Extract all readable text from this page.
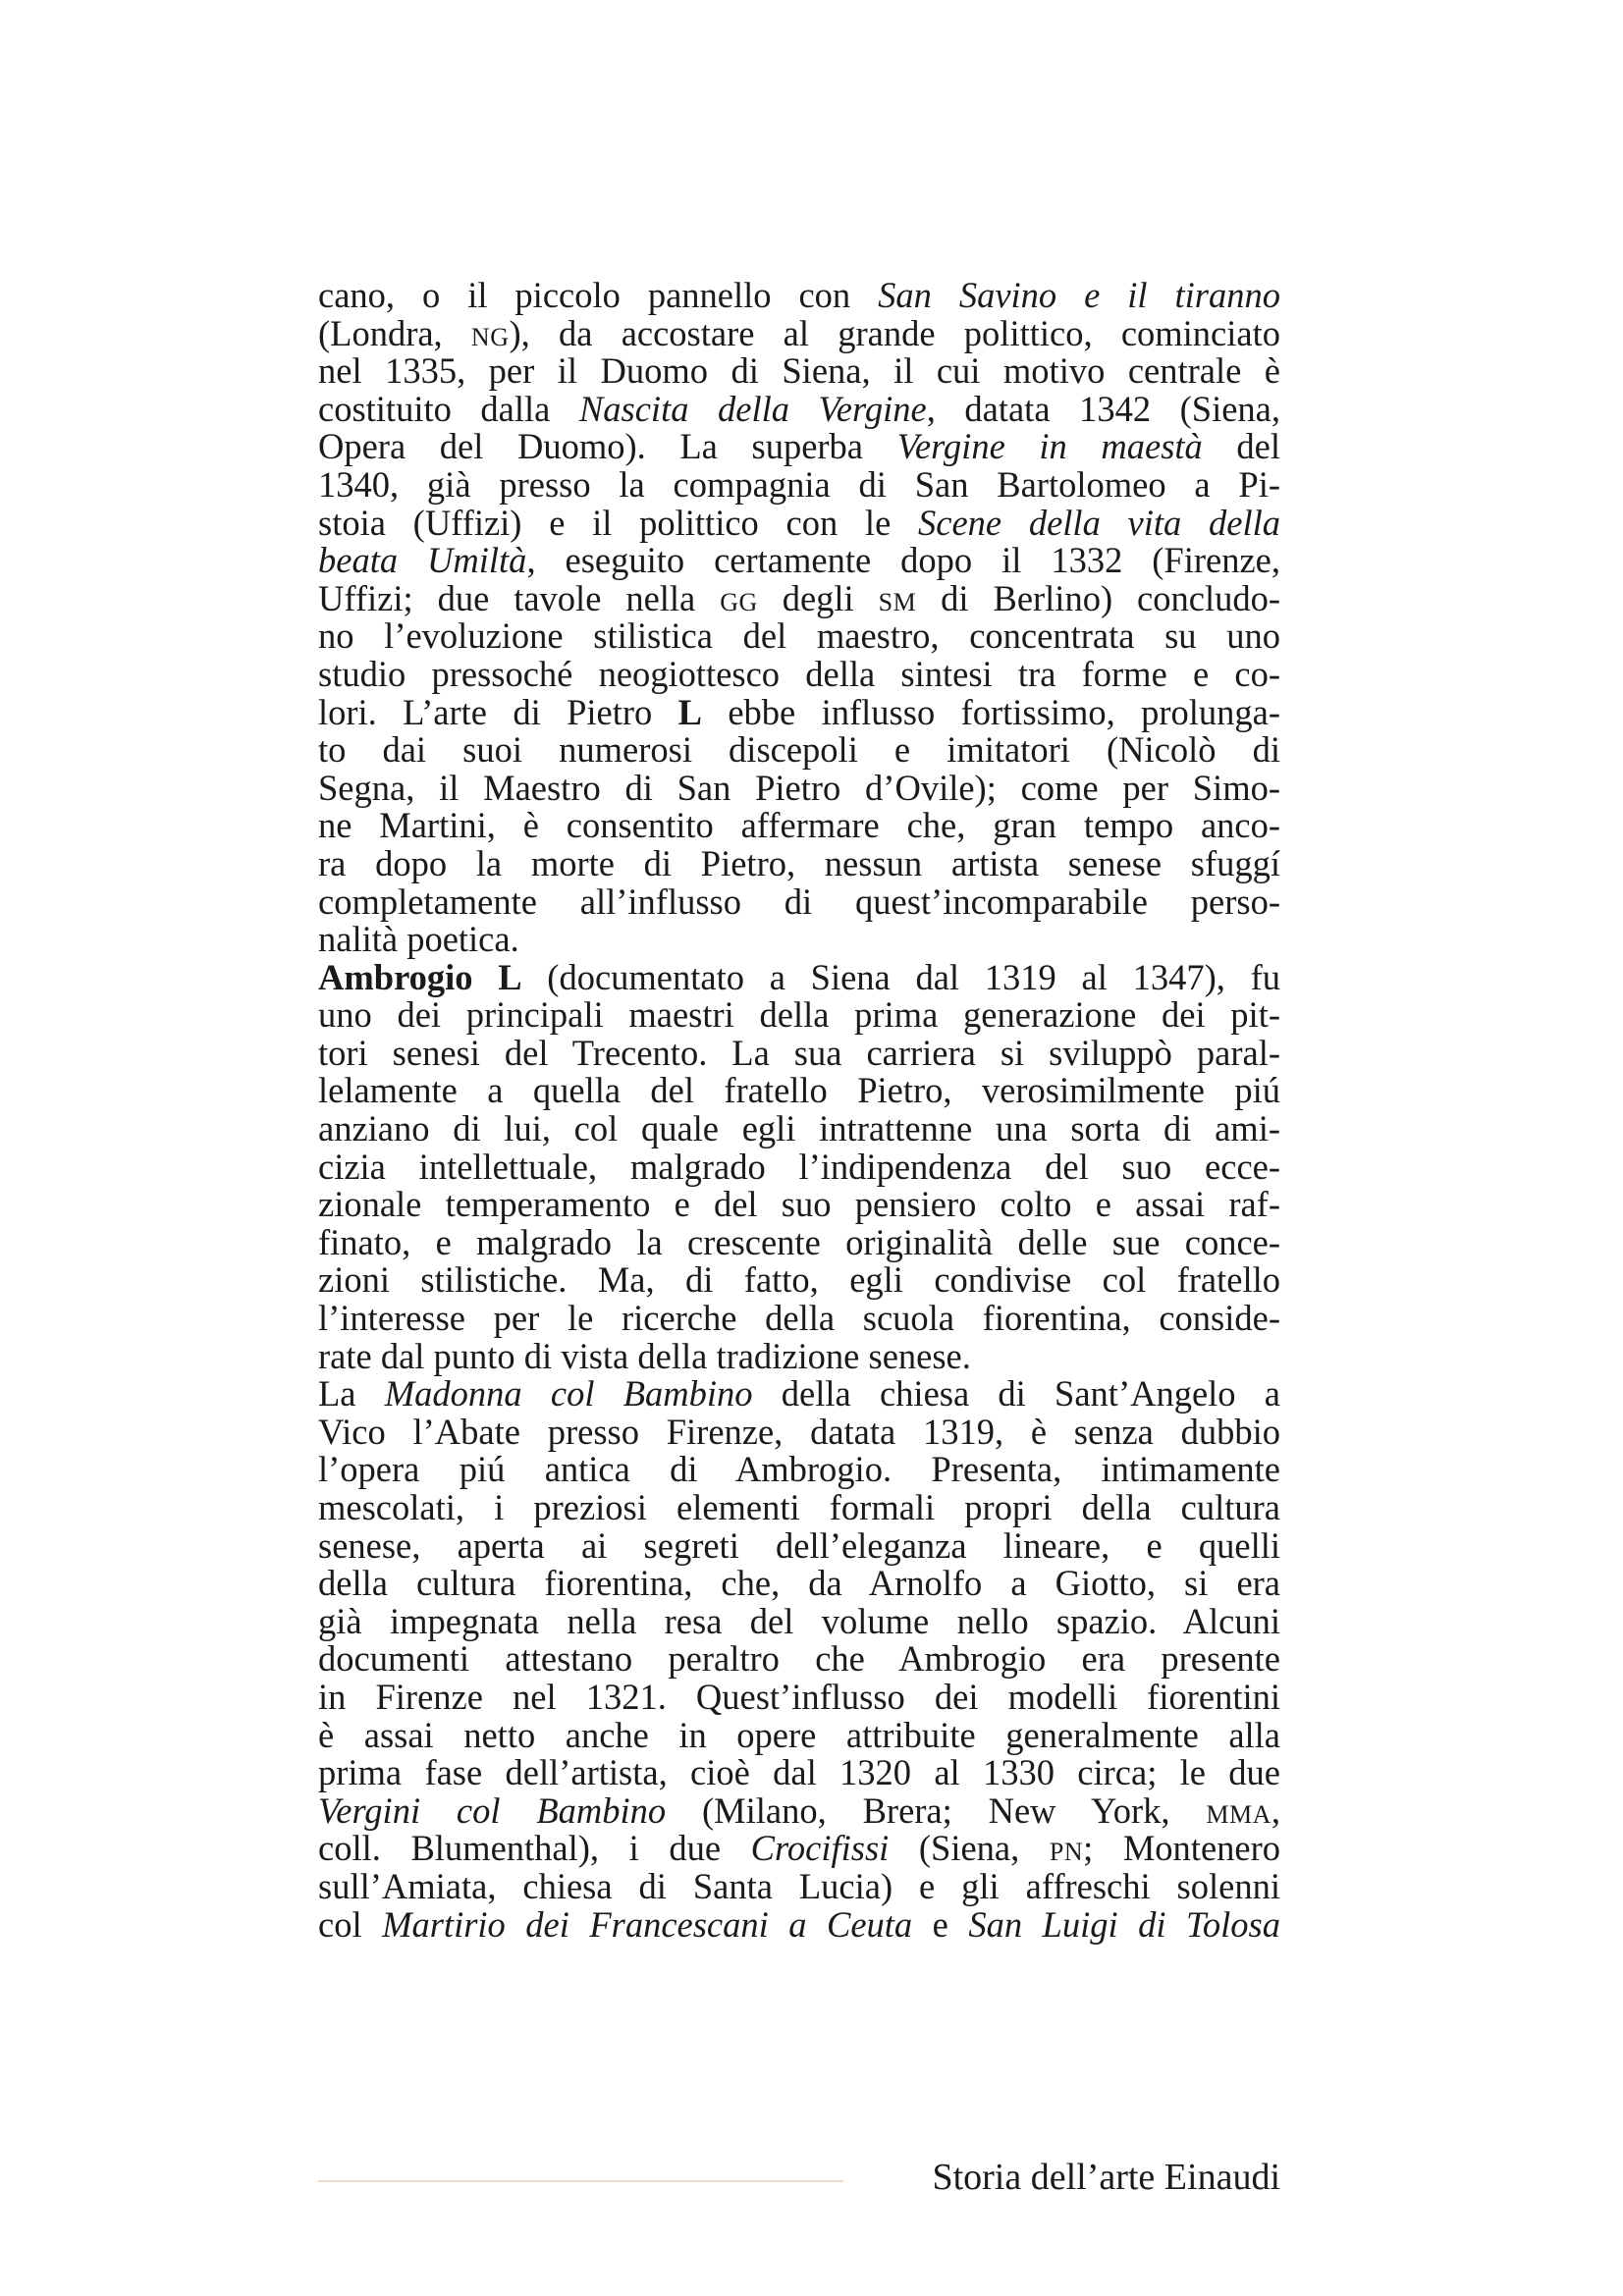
cano, o il piccolo pannello con San Savino e il tiranno
(Londra, ng), da accostare al grande polittico, cominciato
nel 1335, per il Duomo di Siena, il cui motivo centrale è
costituito dalla Nascita della Vergine, datata 1342 (Siena,
Opera del Duomo). La superba Vergine in maestà del
1340, già presso la compagnia di San Bartolomeo a Pi-
stoia (Uffizi) e il polittico con le Scene della vita della
beata Umiltà, eseguito certamente dopo il 1332 (Firenze,
Uffizi; due tavole nella gg degli sm di Berlino) concludo-
no l’evoluzione stilistica del maestro, concentrata su uno
studio pressoché neogiottesco della sintesi tra forme e co-
lori. L’arte di Pietro L ebbe influsso fortissimo, prolunga-
to dai suoi numerosi discepoli e imitatori (Nicolò di
Segna, il Maestro di San Pietro d’Ovile); come per Simo-
ne Martini, è consentito affermare che, gran tempo anco-
ra dopo la morte di Pietro, nessun artista senese sfuggí
completamente all’influsso di quest’incomparabile perso-
nalità poetica.
Ambrogio L (documentato a Siena dal 1319 al 1347), fu
uno dei principali maestri della prima generazione dei pit-
tori senesi del Trecento. La sua carriera si sviluppò paral-
lelamente a quella del fratello Pietro, verosimilmente piú
anziano di lui, col quale egli intrattenne una sorta di ami-
cizia intellettuale, malgrado l’indipendenza del suo ecce-
zionale temperamento e del suo pensiero colto e assai raf-
finato, e malgrado la crescente originalità delle sue conce-
zioni stilistiche. Ma, di fatto, egli condivise col fratello
l’interesse per le ricerche della scuola fiorentina, conside-
rate dal punto di vista della tradizione senese.
La Madonna col Bambino della chiesa di Sant’Angelo a
Vico l’Abate presso Firenze, datata 1319, è senza dubbio
l’opera piú antica di Ambrogio. Presenta, intimamente
mescolati, i preziosi elementi formali propri della cultura
senese, aperta ai segreti dell’eleganza lineare, e quelli
della cultura fiorentina, che, da Arnolfo a Giotto, si era
già impegnata nella resa del volume nello spazio. Alcuni
documenti attestano peraltro che Ambrogio era presente
in Firenze nel 1321. Quest’influsso dei modelli fiorentini
è assai netto anche in opere attribuite generalmente alla
prima fase dell’artista, cioè dal 1320 al 1330 circa; le due
Vergini col Bambino (Milano, Brera; New York, mma,
coll. Blumenthal), i due Crocifissi (Siena, pn; Montenero
sull’Amiata, chiesa di Santa Lucia) e gli affreschi solenni
col Martirio dei Francescani a Ceuta e San Luigi di Tolosa
Storia dell’arte Einaudi
